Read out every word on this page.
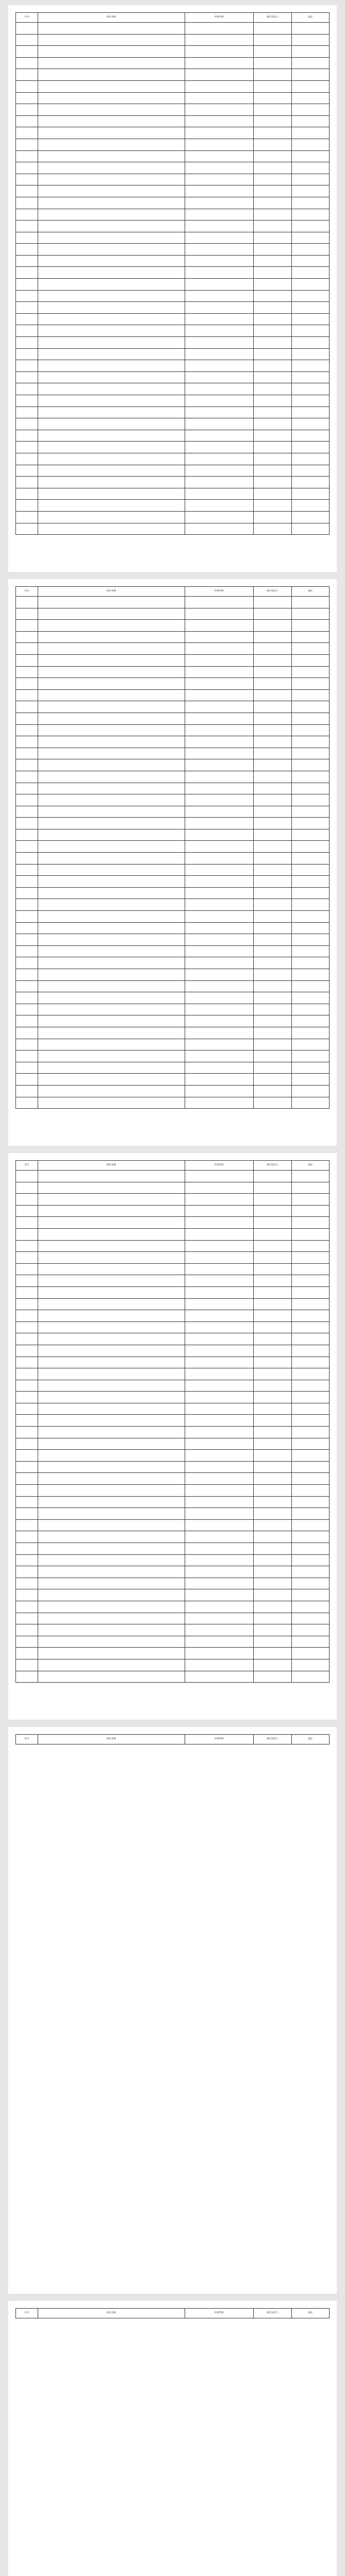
序号	项目名称	申请学校	项目负责人	备注

序号	项目名称	申请学校	项目负责人	备注

序号	项目名称	申请学校	项目负责人	备注

序号	项目名称	申请学校	项目负责人	备注
序号	项目名称	申请学校	项目负责人	备注
